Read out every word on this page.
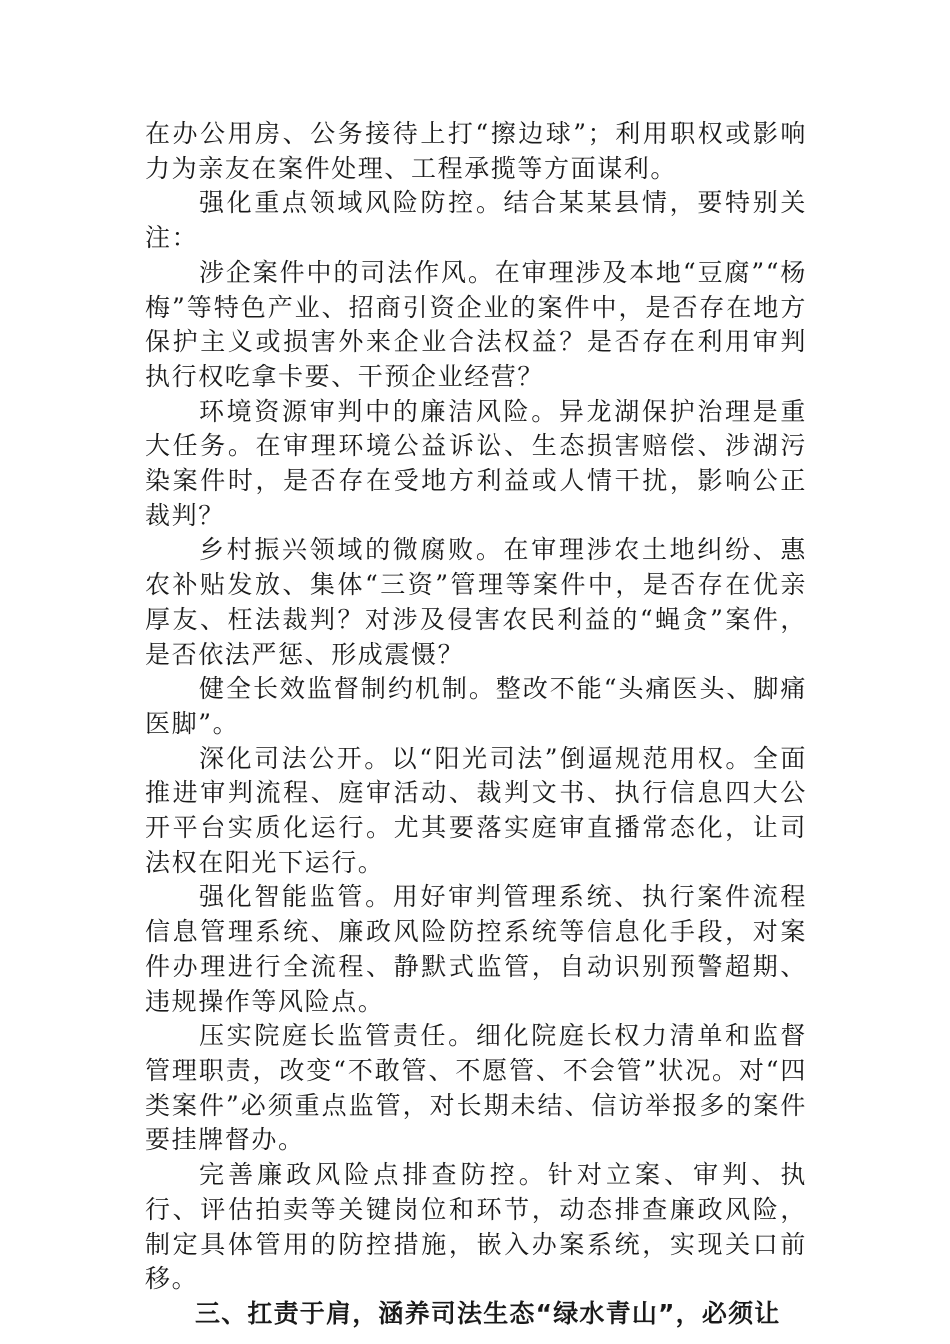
在办公用房、公务接待上打“擦边球”；利用职权或影响力为亲友在案件处理、工程承揽等方面谋利。

强化重点领域风险防控。结合某某县情，要特别关注：

涉企案件中的司法作风。在审理涉及本地“豆腐”“杨梅”等特色产业、招商引资企业的案件中，是否存在地方保护主义或损害外来企业合法权益？是否存在利用审判执行权吃拿卡要、干预企业经营？

环境资源审判中的廉洁风险。异龙湖保护治理是重大任务。在审理环境公益诉讼、生态损害赔偿、涉湖污染案件时，是否存在受地方利益或人情干扰，影响公正裁判？

乡村振兴领域的微腐败。在审理涉农土地纠纷、惠农补贴发放、集体“三资”管理等案件中，是否存在优亲厚友、枉法裁判？对涉及侵害农民利益的“蝇贪”案件，是否依法严惩、形成震慑？

健全长效监督制约机制。整改不能“头痛医头、脚痛医脚”。

深化司法公开。以“阳光司法”倒逼规范用权。全面推进审判流程、庭审活动、裁判文书、执行信息四大公开平台实质化运行。尤其要落实庭审直播常态化，让司法权在阳光下运行。

强化智能监管。用好审判管理系统、执行案件流程信息管理系统、廉政风险防控系统等信息化手段，对案件办理进行全流程、静默式监管，自动识别预警超期、违规操作等风险点。

压实院庭长监管责任。细化院庭长权力清单和监督管理职责，改变“不敢管、不愿管、不会管”状况。对“四类案件”必须重点监管，对长期未结、信访举报多的案件要挂牌督办。

完善廉政风险点排查防控。针对立案、审判、执行、评估拍卖等关键岗位和环节，动态排查廉政风险，制定具体管用的防控措施，嵌入办案系统，实现关口前移。

三、扛责于肩，涵养司法生态“绿水青山”，必须让
